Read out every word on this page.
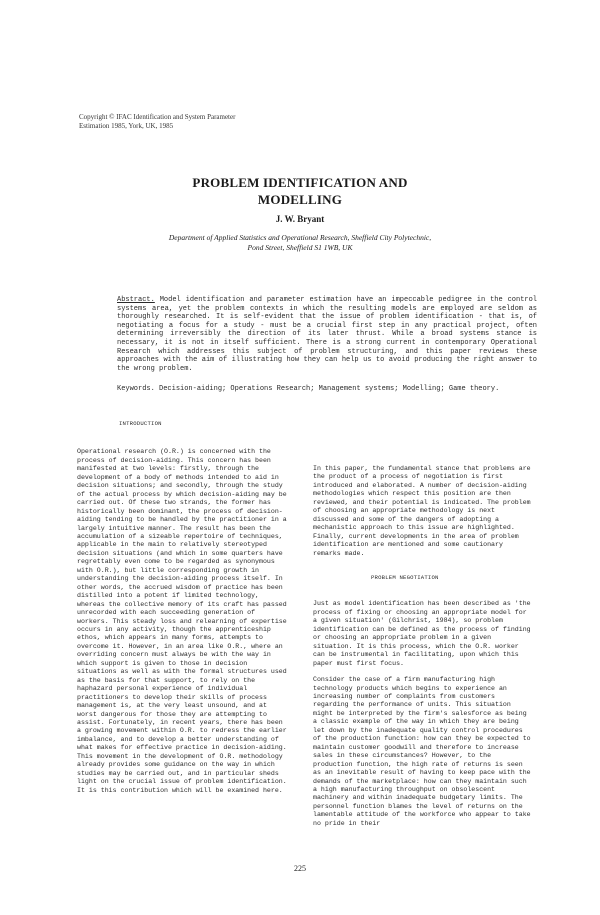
Copyright © IFAC Identification and System Parameter
Estimation 1985, York, UK, 1985
PROBLEM IDENTIFICATION AND
MODELLING
J. W. Bryant
Department of Applied Statistics and Operational Research, Sheffield City Polytechnic,
Pond Street, Sheffield S1 1WB, UK
Abstract. Model identification and parameter estimation have an impeccable pedigree in the control systems area, yet the problem contexts in which the resulting models are employed are seldom as thoroughly researched. It is self-evident that the issue of problem identification - that is, of negotiating a focus for a study - must be a crucial first step in any practical project, often determining irreversibly the direction of its later thrust. While a broad systems stance is necessary, it is not in itself sufficient. There is a strong current in contemporary Operational Research which addresses this subject of problem structuring, and this paper reviews these approaches with the aim of illustrating how they can help us to avoid producing the right answer to the wrong problem.
Keywords. Decision-aiding; Operations Research; Management systems; Modelling; Game theory.
INTRODUCTION

Operational research (O.R.) is concerned with the process of decision-aiding. This concern has been manifested at two levels: firstly, through the development of a body of methods intended to aid in decision situations; and secondly, through the study of the actual process by which decision-aiding may be carried out. Of these two strands, the former has historically been dominant, the process of decision-aiding tending to be handled by the practitioner in a largely intuitive manner. The result has been the accumulation of a sizeable repertoire of techniques, applicable in the main to relatively stereotyped decision situations (and which in some quarters have regrettably even come to be regarded as synonymous with O.R.), but little corresponding growth in understanding the decision-aiding process itself. In other words, the accrued wisdom of practice has been distilled into a potent if limited technology, whereas the collective memory of its craft has passed unrecorded with each succeeding generation of workers. This steady loss and relearning of expertise occurs in any activity, though the apprenticeship ethos, which appears in many forms, attempts to overcome it. However, in an area like O.R., where an overriding concern must always be with the way in which support is given to those in decision situations as well as with the formal structures used as the basis for that support, to rely on the haphazard personal experience of individual practitioners to develop their skills of process management is, at the very least unsound, and at worst dangerous for those they are attempting to assist. Fortunately, in recent years, there has been a growing movement within O.R. to redress the earlier imbalance, and to develop a better understanding of what makes for effective practice in decision-aiding. This movement in the development of O.R. methodology already provides some guidance on the way in which studies may be carried out, and in particular sheds light on the crucial issue of problem identification. It is this contribution which will be examined here.

In this paper, the fundamental stance that problems are the product of a process of negotiation is first introduced and elaborated. A number of decision-aiding methodologies which respect this position are then reviewed, and their potential is indicated. The problem of choosing an appropriate methodology is next discussed and some of the dangers of adopting a mechanistic approach to this issue are highlighted. Finally, current developments in the area of problem identification are mentioned and some cautionary remarks made.

PROBLEM NEGOTIATION

Just as model identification has been described as 'the process of fixing or choosing an appropriate model for a given situation' (Gilchrist, 1984), so problem identification can be defined as the process of finding or choosing an appropriate problem in a given situation. It is this process, which the O.R. worker can be instrumental in facilitating, upon which this paper must first focus.

Consider the case of a firm manufacturing high technology products which begins to experience an increasing number of complaints from customers regarding the performance of units. This situation might be interpreted by the firm's salesforce as being a classic example of the way in which they are being let down by the inadequate quality control procedures of the production function: how can they be expected to maintain customer goodwill and therefore to increase sales in these circumstances? However, to the production function, the high rate of returns is seen as an inevitable result of having to keep pace with the demands of the marketplace: how can they maintain such a high manufacturing throughput on obsolescent machinery and within inadequate budgetary limits. The personnel function blames the level of returns on the lamentable attitude of the workforce who appear to take no pride in their

225
